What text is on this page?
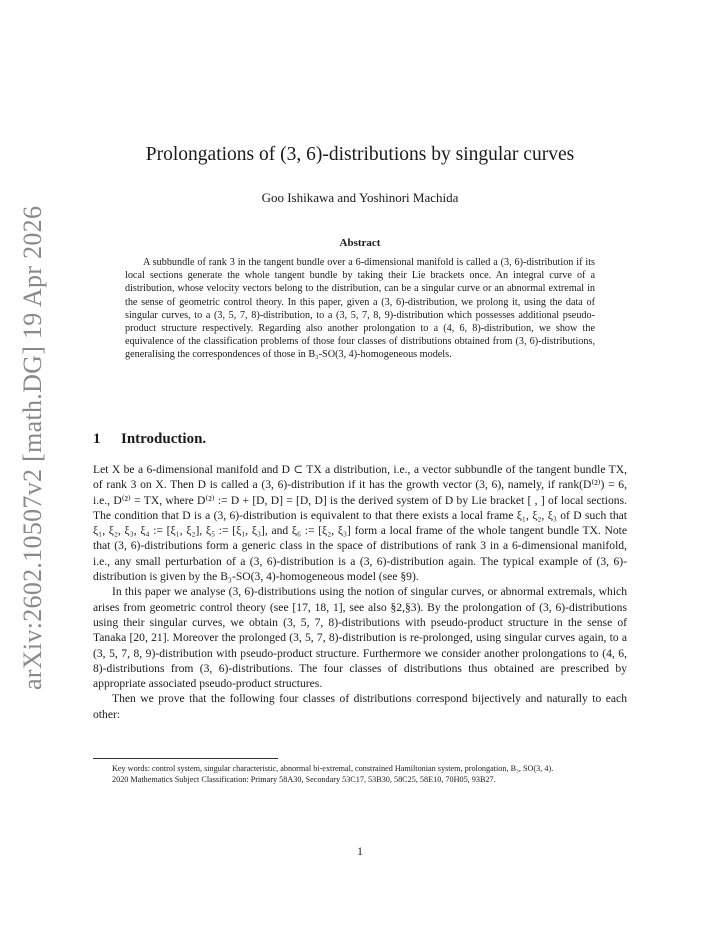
arXiv:2602.10507v2 [math.DG] 19 Apr 2026
Prolongations of (3, 6)-distributions by singular curves
Goo Ishikawa and Yoshinori Machida
Abstract
A subbundle of rank 3 in the tangent bundle over a 6-dimensional manifold is called a (3, 6)-distribution if its local sections generate the whole tangent bundle by taking their Lie brackets once. An integral curve of a distribution, whose velocity vectors belong to the distribution, can be a singular curve or an abnormal extremal in the sense of geometric control theory. In this paper, given a (3, 6)-distribution, we prolong it, using the data of singular curves, to a (3, 5, 7, 8)-distribution, to a (3, 5, 7, 8, 9)-distribution which possesses additional pseudo-product structure respectively. Regarding also another prolongation to a (4, 6, 8)-distribution, we show the equivalence of the classification problems of those four classes of distributions obtained from (3, 6)-distributions, generalising the correspondences of those in B₃-SO(3, 4)-homogeneous models.
1 Introduction.

Let X be a 6-dimensional manifold and D ⊂ TX a distribution, i.e., a vector subbundle of the tangent bundle TX, of rank 3 on X. Then D is called a (3, 6)-distribution if it has the growth vector (3, 6), namely, if rank(D⁽²⁾) = 6, i.e., D⁽²⁾ = TX, where D⁽²⁾ := D + [D, D] = [D, D] is the derived system of D by Lie bracket [ , ] of local sections. The condition that D is a (3, 6)-distribution is equivalent to that there exists a local frame ξ₁, ξ₂, ξ₃ of D such that ξ₁, ξ₂, ξ₃, ξ₄ := [ξ₁, ξ₂], ξ₅ := [ξ₁, ξ₃], and ξ₆ := [ξ₂, ξ₃] form a local frame of the whole tangent bundle TX. Note that (3, 6)-distributions form a generic class in the space of distributions of rank 3 in a 6-dimensional manifold, i.e., any small perturbation of a (3, 6)-distribution is a (3, 6)-distribution again. The typical example of (3, 6)-distribution is given by the B₃-SO(3, 4)-homogeneous model (see §9).

In this paper we analyse (3, 6)-distributions using the notion of singular curves, or abnormal extremals, which arises from geometric control theory (see [17, 18, 1], see also §2,§3). By the prolongation of (3, 6)-distributions using their singular curves, we obtain (3, 5, 7, 8)-distributions with pseudo-product structure in the sense of Tanaka [20, 21]. Moreover the prolonged (3, 5, 7, 8)-distribution is re-prolonged, using singular curves again, to a (3, 5, 7, 8, 9)-distribution with pseudo-product structure. Furthermore we consider another prolongations to (4, 6, 8)-distributions from (3, 6)-distributions. The four classes of distributions thus obtained are prescribed by appropriate associated pseudo-product structures.

Then we prove that the following four classes of distributions correspond bijectively and naturally to each other:

Key words: control system, singular characteristic, abnormal bi-extremal, constrained Hamiltonian system, prolongation, B₃, SO(3, 4).

2020 Mathematics Subject Classification: Primary 58A30, Secondary 53C17, 53B30, 58C25, 58E10, 70H05, 93B27.

1
